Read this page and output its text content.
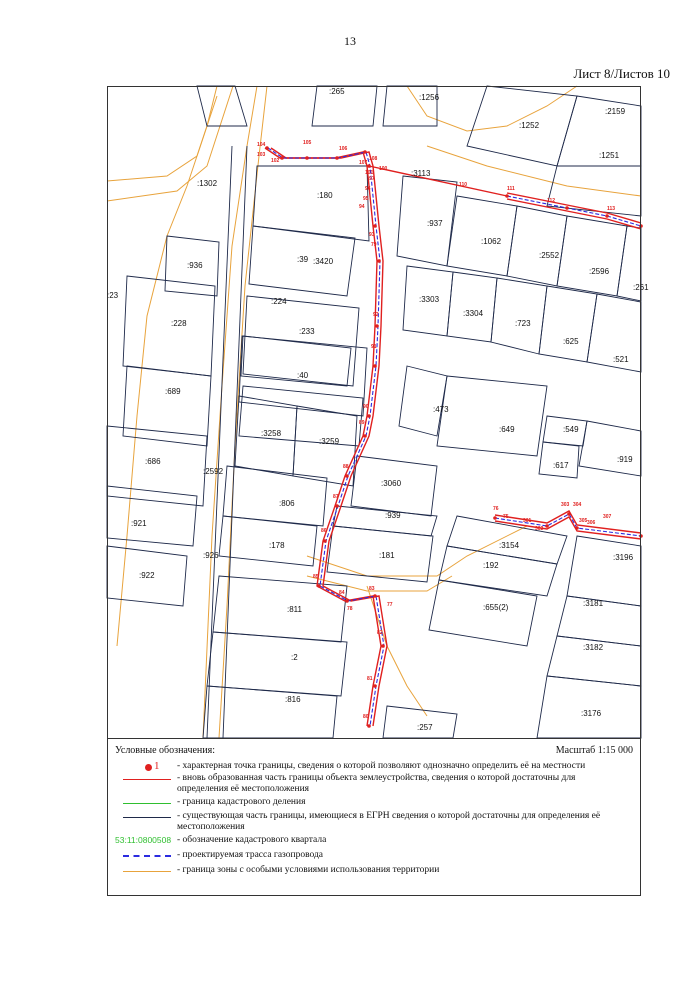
13
Лист 8/Листов 10
:265
:1256
:1252
:2159
:1251
:180
:3113
:1062
:2552
:2596
:261
:937
:936
:1302
:39 :3420
:228
:224
:233
:3303
:3304
:723
:625
:521
:23
:40
:689
:473
:649	:549
:919
:617
:3258
:3259
:686
:2592
:806
:3060
:939
:921
:178
:926	:181
:3154
:3196
:922
:192
:811	:655(2)	:3181
:2
:3182
:816
:3176
:257
104	105
106
107
108
103
102
101
100
110
111
112
113
97
96
95
94
93
92
91
90
89
88
87
86
85
84
83
82
81
80
79
78
77
76
75
301
302
303 304
305 306
307
Условные обозначения:	Масштаб 1:15 000
1 - характерная точка границы, сведения о которой позволяют однозначно определить её на местности
- вновь образованная часть границы объекта землеустройства, сведения о которой достаточны для определения её местоположения
- граница кадастрового деления
- существующая часть границы, имеющиеся в ЕГРН сведения о которой достаточны для определения её местоположения
53:11:0800508 - обозначение кадастрового квартала
- проектируемая трасса газопровода
- граница зоны с особыми условиями использования территории
